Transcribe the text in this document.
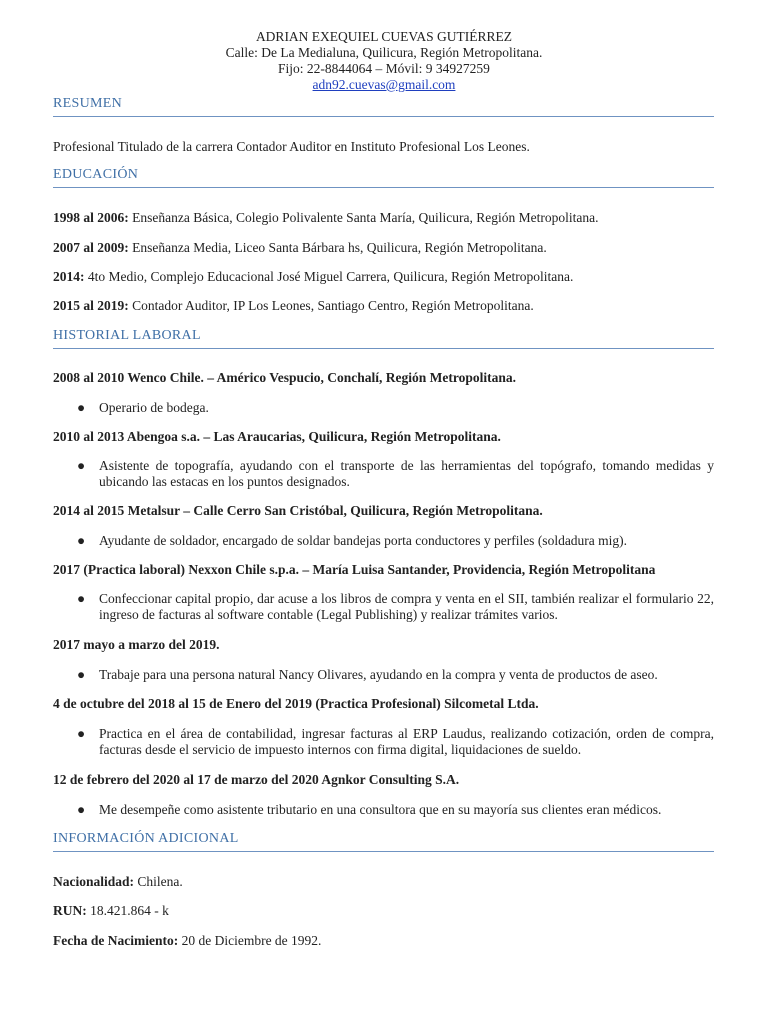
ADRIAN EXEQUIEL CUEVAS GUTIÉRREZ
Calle: De La Medialuna, Quilicura, Región Metropolitana.
Fijo: 22-8844064 – Móvil: 9 34927259
adn92.cuevas@gmail.com
RESUMEN
Profesional Titulado de la carrera Contador Auditor en Instituto Profesional Los Leones.
EDUCACIÓN
1998 al 2006: Enseñanza Básica, Colegio Polivalente Santa María, Quilicura, Región Metropolitana.
2007 al 2009: Enseñanza Media, Liceo Santa Bárbara hs, Quilicura, Región Metropolitana.
2014: 4to Medio, Complejo Educacional José Miguel Carrera, Quilicura, Región Metropolitana.
2015 al 2019: Contador Auditor, IP Los Leones, Santiago Centro, Región Metropolitana.
HISTORIAL LABORAL
2008 al 2010 Wenco Chile. – Américo Vespucio, Conchalí, Región Metropolitana.
● Operario de bodega.
2010 al 2013 Abengoa s.a. – Las Araucarias, Quilicura, Región Metropolitana.
● Asistente de topografía, ayudando con el transporte de las herramientas del topógrafo, tomando medidas y ubicando las estacas en los puntos designados.
2014 al 2015 Metalsur – Calle Cerro San Cristóbal, Quilicura, Región Metropolitana.
● Ayudante de soldador, encargado de soldar bandejas porta conductores y perfiles (soldadura mig).
2017 (Practica laboral) Nexxon Chile s.p.a. – María Luisa Santander, Providencia, Región Metropolitana
● Confeccionar capital propio, dar acuse a los libros de compra y venta en el SII, también realizar el formulario 22, ingreso de facturas al software contable (Legal Publishing) y realizar trámites varios.
2017 mayo a marzo del 2019.
● Trabaje para una persona natural Nancy Olivares, ayudando en la compra y venta de productos de aseo.
4 de octubre del 2018 al 15 de Enero del 2019 (Practica Profesional) Silcometal Ltda.
● Practica en el área de contabilidad, ingresar facturas al ERP Laudus, realizando cotización, orden de compra, facturas desde el servicio de impuesto internos con firma digital, liquidaciones de sueldo.
12 de febrero del 2020 al 17 de marzo del 2020 Agnkor Consulting S.A.
● Me desempeñe como asistente tributario en una consultora que en su mayoría sus clientes eran médicos.
INFORMACIÓN ADICIONAL
Nacionalidad: Chilena.
RUN: 18.421.864 - k
Fecha de Nacimiento: 20 de Diciembre de 1992.
